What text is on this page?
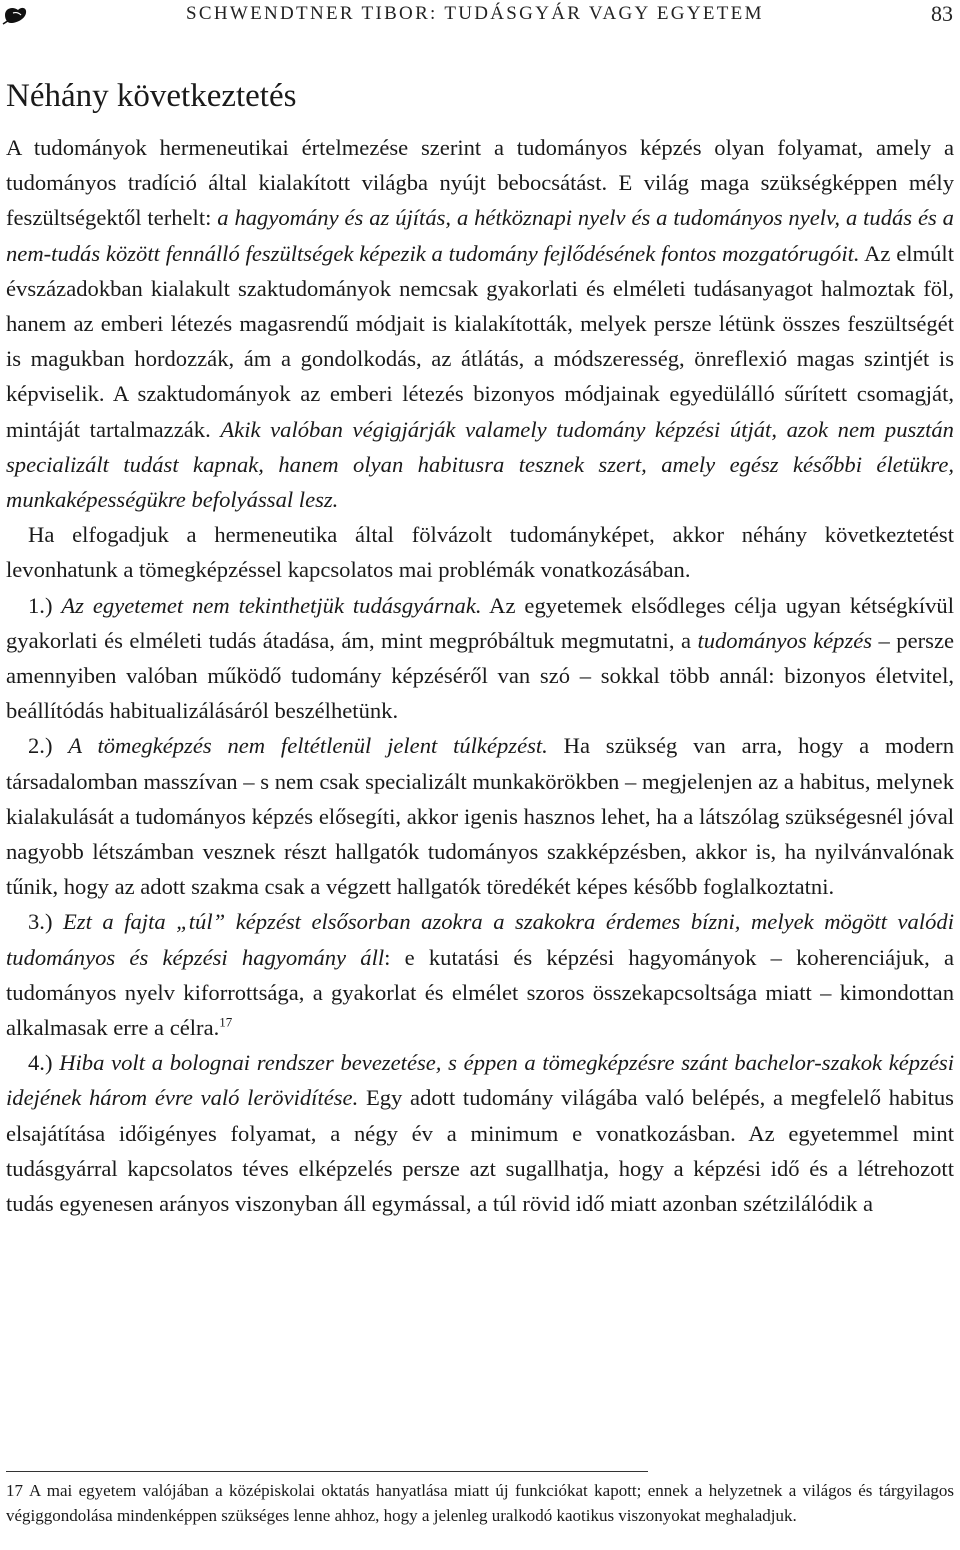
SCHWENDTNER TIBOR: TUDÁSGYÁR VAGY EGYETEM	83
Néhány következtetés

A tudományok hermeneutikai értelmezése szerint a tudományos képzés olyan folyamat, amely a tudományos tradíció által kialakított világba nyújt bebocsátást. E világ maga szükségképpen mély feszültségektől terhelt: a hagyomány és az újítás, a hétköznapi nyelv és a tudományos nyelv, a tudás és a nem-tudás között fennálló feszültségek képezik a tudomány fejlődésének fontos mozgatórugóit. Az elmúlt évszázadokban kialakult szaktudományok nemcsak gyakorlati és elméleti tudásanyagot halmoztak föl, hanem az emberi létezés magasrendű módjait is kialakították, melyek persze létünk összes feszültségét is magukban hordozzák, ám a gondolkodás, az átlátás, a módszeresség, önreflexió magas szintjét is képviselik. A szaktudományok az emberi létezés bizonyos módjainak egyedülálló sűrített csomagját, mintáját tartalmazzák. Akik valóban végigjárják valamely tudomány képzési útját, azok nem pusztán specializált tudást kapnak, hanem olyan habitusra tesznek szert, amely egész későbbi életükre, munkaképességükre befolyással lesz.

Ha elfogadjuk a hermeneutika által fölvázolt tudományképet, akkor néhány következtetést levonhatunk a tömegképzéssel kapcsolatos mai problémák vonatkozásában.

1.) Az egyetemet nem tekinthetjük tudásgyárnak. Az egyetemek elsődleges célja ugyan kétségkívül gyakorlati és elméleti tudás átadása, ám, mint megpróbáltuk megmutatni, a tudományos képzés – persze amennyiben valóban működő tudomány képzéséről van szó – sokkal több annál: bizonyos életvitel, beállítódás habitualizálásáról beszélhetünk.

2.) A tömegképzés nem feltétlenül jelent túlképzést. Ha szükség van arra, hogy a modern társadalomban masszívan – s nem csak specializált munkakörökben – megjelenjen az a habitus, melynek kialakulását a tudományos képzés elősegíti, akkor igenis hasznos lehet, ha a látszólag szükségesnél jóval nagyobb létszámban vesznek részt hallgatók tudományos szakképzésben, akkor is, ha nyilvánvalónak tűnik, hogy az adott szakma csak a végzett hallgatók töredékét képes később foglalkoztatni.

3.) Ezt a fajta „túl” képzést elsősorban azokra a szakokra érdemes bízni, melyek mögött valódi tudományos és képzési hagyomány áll: e kutatási és képzési hagyományok – koherenciájuk, a tudományos nyelv kiforrottsága, a gyakorlat és elmélet szoros összekapcsoltsága miatt – kimondottan alkalmasak erre a célra.$^{17}$

4.) Hiba volt a bolognai rendszer bevezetése, s éppen a tömegképzésre szánt bachelor-szakok képzési idejének három évre való lerövidítése. Egy adott tudomány világába való belépés, a megfelelő habitus elsajátítása időigényes folyamat, a négy év a minimum e vonatkozásban. Az egyetemmel mint tudásgyárral kapcsolatos téves elképzelés persze azt sugallhatja, hogy a képzési idő és a létrehozott tudás egyenesen arányos viszonyban áll egymással, a túl rövid idő miatt azonban szétzilálódik a

17 A mai egyetem valójában a középiskolai oktatás hanyatlása miatt új funkciókat kapott; ennek a helyzetnek a világos és tárgyilagos végiggondolása mindenképpen szükséges lenne ahhoz, hogy a jelenleg uralkodó kaotikus viszonyokat meghaladjuk.
